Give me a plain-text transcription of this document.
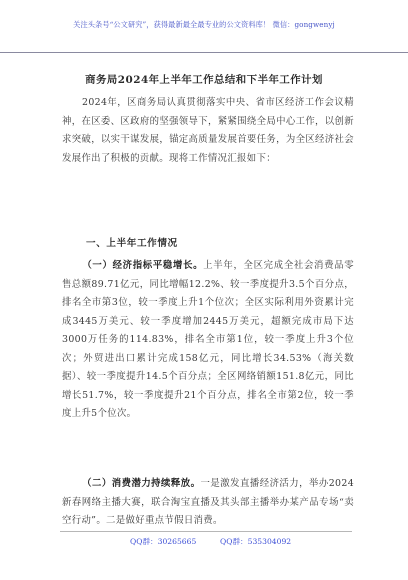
关注头条号“公文研究”，获得最新最全最专业的公文资料库！ 微信：gongwenyj
商务局2024年上半年工作总结和下半年工作计划
2024年，区商务局认真贯彻落实中央、省市区经济工作会议精神，在区委、区政府的坚强领导下，紧紧围绕全局中心工作，以创新求突破，以实干谋发展，锚定高质量发展首要任务，为全区经济社会发展作出了积极的贡献。现将工作情况汇报如下：
一、上半年工作情况
（一）经济指标平稳增长。上半年，全区完成全社会消费品零售总额89.71亿元，同比增幅12.2%、较一季度提升3.5个百分点，排名全市第3位，较一季度上升1个位次；全区实际利用外资累计完成3445万美元、较一季度增加2445万美元，超额完成市局下达3000万任务的114.83%，排名全市第1位，较一季度上升3个位次；外贸进出口累计完成158亿元，同比增长34.53%（海关数据）、较一季度提升14.5个百分点；全区网络销额151.8亿元，同比增长51.7%，较一季度提升21个百分点，排名全市第2位，较一季度上升5个位次。
（二）消费潜力持续释放。一是激发直播经济活力，举办2024新春网络主播大赛，联合淘宝直播及其头部主播举办某产品专场“卖空行动”。二是做好重点节假日消费。
QQ群：30265665	QQ群：535304092
